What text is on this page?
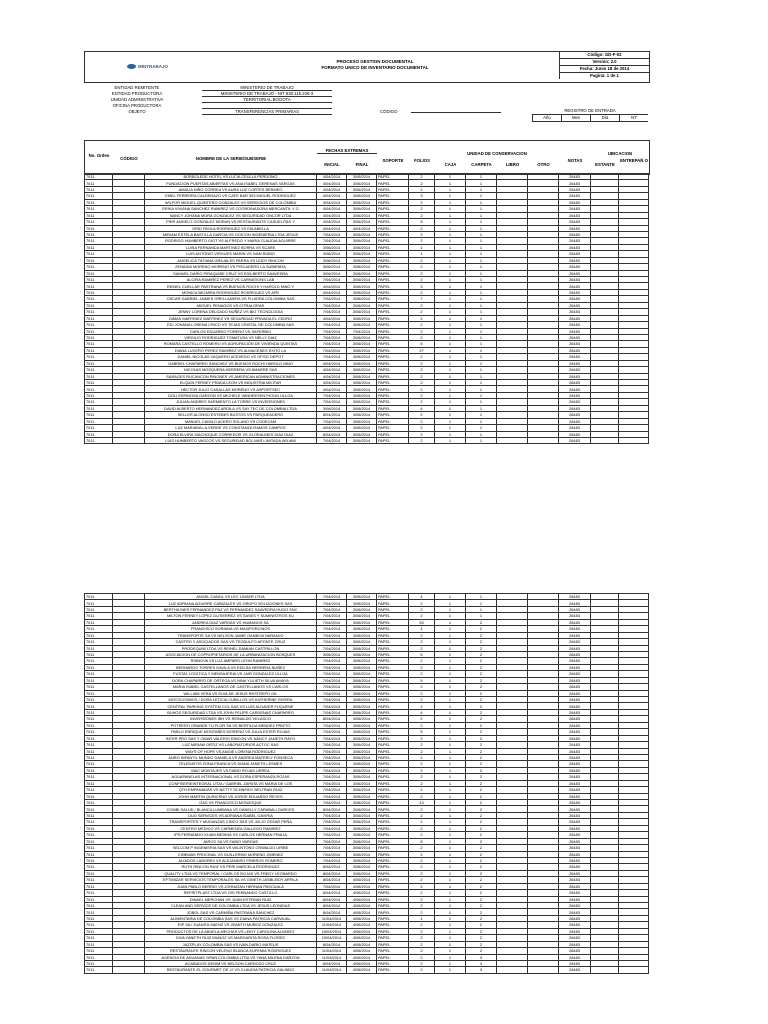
MINTRABAJO
PROCESO GESTION DOCUMENTAL
FORMATO UNICO DE INVENTARIO DOCUMENTAL
Código: GD-F-02
Versión: 2.0
Fecha: Junio 18 de 2014
Pagina: 1 de 1
ENTIDAD REMITENTE
ENTIDAD PRODUCTORA
MINISTERIO DE TRABAJO
UNIDAD ADMINISTRATIVA
MINISTERIO DE TRABAJO - NIT 830.115.226-3
OFICINA PRODUCTORA
TERRITORIAL BOGOTA
OBJETO	TRANSFERENCIAS PRIMARIAS	CÓDIGO	REGISTRO DE ENTRADA
Año	Mes	Día	NT
No. Orden
CÓDIGO	NOMBRE DE LA SERIE/SUBSERIE
FECHAS EXTREMAS
INICIAL	FINAL
SOPORTE	FOLIOS
UNIDAD DE CONSERVACION
CAJA	CARPETA	LIBRO	OTRO
NOTAS
UBICACION
ESTANTE
ENTREPAÑ O
7011		BORBOLEDE HOTEL VS LUCIA CEULLA PERDOMO	4/04/2014	3/06/2014	PAPEL	2	1	1			26483		
7011		FUNDACION PUERTAS ABIERTAS VS ANA ISABEL GERENAS VARGAS	4/04/2014	3/06/2014	PAPEL	2	1	1			26483		
7011		AMALIA NIÑO CORREA VS AURA LUZ CORTES BERMEO	4/04/2014	3/06/2014	PAPEL	2	1	1			26483		
7011		EMEL FERREIRA CALDERAZO VS CAFE BAR 303 MIGUEL RODRIGUEZ	4/04/2014	3/06/2014	PAPEL	3	1	1			26483		
7011		WILFOR MIGUEL QUINTERO GONZALEZ VS SERVICIOS DE COLOMBIA	4/04/2014	3/06/2014	PAPEL	2	1	1			26483		
7011		ERIKA VIVIANA SANCHEZ RAMIREZ VS COORDINADORA MERCANTIL Y O	4/04/2014	3/06/2014	PAPEL	2	1	1			26483		
7011		NANCY JOHANA MORA GONZALEZ VS SEGURIDAD ONCOR LTDA	4/04/2014	3/06/2014	PAPEL	2	1	1			26483		
7011		PIER ANGELO GONZALEZ MORAN VS RESTAURANTE CASUELITAS Y	4/04/2014	3/06/2014	PAPEL	5	1	1			26483		
7011		GRID PAOLA RODRIGUEZ VS FALABELLA	4/04/2014	4/04/2014	PAPEL	2	1	1			26483		
7011		MIRIAM ESTELA BASTILLA GARCIA VS GOICON INGENIERIA LTDA JESUS	7/04/2014	3/06/2014	PAPEL	2	1	1			26483		
7011		RODRIGO HUMBERTO GIOT VS ALFREDO Y MARIA CLAUDIA AGUIRRE	7/04/2014	3/06/2014	PAPEL	2	1	1			26483		
7011		LUISA FERNANDA MARTINEZ BORRA VS SCARE	3/06/2014	3/06/2014	PAPEL	1	1	1			26483		
7011		LUIS ANTONIO VIRGUES MARIN VS IVAN RUBIO	3/06/2014	3/06/2014	PAPEL	1	1	1			26483		
7011		ANGELICA TATIANA GRAJALES PARRA VS LEIDY RINCON	3/06/2014	3/06/2014	PAPEL	2	1	1			26483		
7011		ZENAIDA MORENO MORENO VS PISCADERO LA SUBIENDA	3/06/2014	3/06/2014	PAPEL	2	1	1			26483		
7011		SAMUEL DARIO PIRAQUIBE CRUZ VS EDILBERTO SAAVEDRA	3/06/2014	3/06/2014	PAPEL	2	1	1			26483		
7011		ALCIRA RAMIREZ PEREZ VS CARNATIONS LAB	7/04/2014	3/06/2014	PAPEL	2	1	1			26483		
7011		REINEL CUELLAR PASTRANA VS BUENOS ROCHI Y HAROLD NINO Y	4/04/2014	3/06/2014	PAPEL	3	1	1			26483		
7011		MONICA BELMIRA RODRIGUEZ RODRIGUEZ VS APE	4/04/2014	3/06/2014	PAPEL	2	1	1			26483		
7011		OSCAR GABRIEL JAIMES ORELLANERA VS FLUIDRA COLOMBIA SAS	7/04/2014	3/06/2014	PAPEL	7	1	1			26483		
7011		MIGUEL PENAGOS VS CITRALORAS	7/04/2014	3/06/2014	PAPEL	2	1	1			26483		
7011		JENNY LORENA DELGADO NUÑEZ VS BIO TECNOLOGIA	7/04/2014	3/06/2014	PAPEL	2	1	1			26483		
7011		DIMAS MARTINEZ MARTINEZ VS SEGURIDAD PRIVADA EL CEDRO	4/04/2014	3/06/2014	PAPEL	2	1	1			26483		
7011		EDI JOHANA LORENA CRICO VS TEJAS CRISTAL DE COLOMBIA SAS	7/04/2014	3/06/2014	PAPEL	2	1	1			26483		
7011		CARLOS EDUARDO FORERO VS SAFERBIO	7/04/2014	7/04/2014	PAPEL	2	1	1			26483		
7011		VIRGILIO RODRIGUEZ TOMATUSA VS NELLY DIAZ	7/04/2014	3/06/2014	PAPEL	2	1	1			26483		
7011		ROMARA CASTELLO ROMERO VS AGRUPACION DE VIVIENDA QUINTAS	7/04/2014	3/06/2014	PAPEL	5	1	1			26483		
7011		DIANA LUCERO PEREZ RAMIREZ VS ALMACENES EXITO LA	7/04/2014	3/06/2014	PAPEL	27	1	1			26483		
7011		DANIEL NICOLAS VAQUERO ACEVEDO VS OFICE DEPOT	7/04/2014	3/06/2014	PAPEL	2	1	1			26483		
7011		GABRIEL CHAPARRO SANCHEZ VS BUENOS ROCHI HAROLD NINO	4/04/2014	3/06/2014	PAPEL	2	1	1			26483		
7011		NICOLAS MOSQUERA HERRERA VS AMARRE SAS	4/04/2014	3/06/2014	PAPEL	2	1	1			26483		
7011		SARAGES RUCANCON PINONES VS AMERICAN ADMINISTRACIONES	4/04/2014	3/06/2014	PAPEL	2	1	1			26483		
7011		ELQUIN FERNEY PRADA LEON VS INDUSTRIA MILITAR	4/04/2014	3/06/2014	PAPEL	2	1	1			26483		
7011		HECTOR JULIO CASALLAS MORENO VS ASPORTSEC	4/04/2014	3/06/2014	PAPEL	2	1	1			26483		
7011		DOLI ESPINOSA GARZON VS MICHELE VANHEESENTHOUN ULLOA	7/04/2014	3/06/2014	PAPEL	2	1	1			26483		
7011		JULIAN ANDRES SARMIENTO LA TORRE VS INVERSIONES	7/04/2014	3/06/2014	PAPEL	2	1	1			26483		
7011		DAVID ALBERTO HERNANDEZ ARDILA VS SAY TEC DE COLOMBIA LTDA	3/06/2014	3/06/2014	PAPEL	4	1	1			26483		
7011		SELLER ALONSO ESTEBES BUSTOS VS PARQUEADERO	8/04/2014	3/06/2014	PAPEL	2	1	1			26483		
7011		MANUEL CAMILO ACERO SOLANO VS CODECAM	7/04/2014	3/06/2014	PAPEL	2	1	1			26483		
7011		LUZ MARIANA LA VERDE VS CONSTANZA RAMOS CAMPOS	4/04/2014	3/06/2014	PAPEL	2	1	1			26483		
7011		DORA ELVIRA SIACHOQUE CORREDOR VS GLORIA INES DIAZ DIAZ	8/04/2014	3/06/2014	PAPEL	2	1	1			26483		
7011		LUIS HUMBERTO VASCOS VS SEGURIDAD BOLIVAR LIMITADA WILIAM	7/04/2014	3/06/2014	PAPEL	2	1	1			26483		
7011		ANGEL CANOL VS LEC LINSER LTDA	7/04/2014	3/06/2014	PAPEL	4	1	1			26483		
7011		LUZ ADRIANA AGUIRRE CAÑIZALES VS GRUPO SOLUCIONES SAS	7/04/2014	3/06/2014	PAPEL	2	1	1			26483		
7011		BERTHA INES FERNANDEZ PAZ VS FERNANDEZ SAAVEDRA HUGO SNC	7/04/2014	3/06/2014	PAPEL	2	1	1			26483		
7011		MILTON FERNEY LOPEZ GUTIERREZ VS SASES Y SUMINISTROS EU	7/04/2014	3/06/2014	PAPEL	2	1	1			26483		
7011		ANDREA DIAZ VARGAS VS HUMANOS SA	7/04/2014	3/06/2014	PAPEL	53	1	2			26483		
7011		FRANCISCO SORIANA VS MAXIPORCINOS	7/04/2014	3/06/2014	PAPEL	4	1	2			26483		
7011		TRANSPORTE SA VS NELSON JAIME GAMBOA NARANJO	7/04/2014	3/06/2014	PAPEL	2	1	2			26483		
7011		CASTRO Y ASOCIADOS SAS VS TEODULFO APONTE CRUZ	7/04/2014	3/06/2014	PAPEL	2	1	2			26483		
7011		PRODEQUIM LTDA VS REINEL DAMIAN CASTRILLON	7/04/2014	3/06/2014	PAPEL	2	1	2			26483		
7011		ASOCIACION DE COPROPIETARIOS DE LA URBANIZACION BOSQUES	3/06/2014	3/06/2014	PAPEL	5	1	2			26483		
7011		RINNOVA VS LUZ AMPARO LEON RAMIREZ	7/04/2014	3/06/2014	PAPEL	2	1	2			26483		
7011		BERNARDO TORRES DAVILA VS EDILSA HERRERA NUÑEZ	7/04/2014	3/06/2014	PAPEL	2	1	2			26483		
7011		FUSTAL LOGITICA Y MENSAJERIA VS JAIR GONZALEZ ULLOA	7/04/2014	3/06/2014	PAPEL	2	1	2			26483		
7011		DORA CHAPARRO DE ORTEGA VS NINA YULIETH SILVA AMAYA	7/04/2014	3/06/2014	PAPEL	5	1	2			26483		
7011		MARIA ISABEL CASTELLANOS DE CASTELLANOS VS CARLOS	7/04/2014	3/06/2014	PAPEL	2	1	2			26483		
7011		WILLIAM VERA VS ELVA DE JESUS RESTREPO GIL	7/04/2014	3/06/2014	PAPEL	2	1	2			26483		
7011		MOTOCOSMOS / DORA LETICIA CUBILLOS VS KATHERINE RIVERA	7/04/2014	3/06/2014	PAPEL	2	1	2			26483		
7011		CENTRAL PARKING SYSTEM COL SAS VS LUIS ALDAVER FUQUENE	7/04/2014	3/06/2014	PAPEL	2	1	2			26483		
7011		BUHOS SEGURIDAD LTDA VS JOHN FELIPE CARDENAS CHAPARRO	7/04/2014	3/06/2014	PAPEL	4	1	2			26483		
7011		INVERSIONES IBH VS REINALDO VELASCO	8/04/2014	3/06/2014	PAPEL	2	1	2			26483		
7011		POTRERO GRANDE TU FLOR SA VS BERTILDA MENDEZ PRIETO	7/04/2014	3/06/2014	PAPEL	2	1	2			26483		
7011		PABLO ENRIQUE MONTAÑES MORENO VS JULIA ESTER ROJAS	7/04/2014	3/06/2014	PAPEL	5	1	2			26483		
7011		INTER PRO SAS Y OMAR VALERIO RINCON VS NANCY JANETH RAYO	7/04/2014	3/06/2014	PAPEL	2	1	2			26483		
7011		LUZ MIRIAM ORTIZ VS LABORATORIOS ACTOC SAS	7/04/2014	3/06/2014	PAPEL	2	1	2			26483		
7011		WAYS OF HOPE VS ANGIE LORENA RODRIGUEZ	7/04/2014	3/06/2014	PAPEL	2	1	2			26483		
7011		JAIRO INFANTIL MUNDO DANIELA VS ANDREA MATERLY FONSECA	7/04/2014	3/06/2014	PAPEL	2	1	2			26483		
7011		TELEDATOS ZONA FRANCA VS DIANA JANETH LESMES	7/04/2014	3/06/2014	PAPEL	2	1	2			26483		
7011		MAC MONTAJES VS FABIO ROJAS URREA	7/04/2014	3/06/2014	PAPEL	2	1	2			26483		
7011		AGUAPANELAS INTERNACIONAL VS DORA ESPERANZA ROJAS	7/04/2014	3/06/2014	PAPEL	2	1	2			26483		
7011		CONFISERIEINTEGRAL LTDA / GABRIEL ZAPATA VS MARIA DE LOS	7/04/2014	3/06/2014	PAPEL	2	1	2			26483		
7011		QTH EMPANADAS VS NETTY SCHNEIDY BELTRAN RUIZ	7/04/2014	3/06/2014	PAPEL	2	1	2			26483		
7011		JOHN MARTIN QUINCENO VS JORGE EDUARDO REYES	7/04/2014	3/06/2014	PAPEL	2	1	2			26483		
7011		GAS VS FRANCISCO MONZOQUE	7/04/2014	3/06/2014	PAPEL	13	1	2			26483		
7011		COMBI SALUD / BLANCA LUMBANA VS DANELLY CARABALI GARCES	8/04/2014	3/06/2014	PAPEL	2	1	2			26483		
7011		DUO SERVICES VS ADRIANA ISABEL GAVIRIA	7/04/2014	3/06/2014	PAPEL	2	1	2			26483		
7011		TRANSPORTES Y MUDANZAS CINCO SAS VS JULIO CESAR PEÑA	7/04/2014	3/06/2014	PAPEL	2	1	2			26483		
7011		CENTRO MEDICO VS CARMENZA GALLEGO RAMIREZ	7/04/2014	3/06/2014	PAPEL	2	1	2			26483		
7011		IPS FERNANDO KUAM MEDINA VS CARLOS HERNAN FRAIJA	7/04/2014	3/06/2014	PAPEL	2	1	2			26483		
7011		JARCO SA VS FABIO VARGAS	7/04/2014	3/06/2014	PAPEL	5	1	2			26483		
7011		SELCOM P INGENIERIA SAS VS WILINTONG OSWALDO URIBE	7/04/2014	3/06/2014	PAPEL	2	1	2			26483		
7011		CINEMAS PROCINAL VS GUILLERMO MORENO JIMENEZ	7/04/2014	3/06/2014	PAPEL	2	1	2			26483		
7011		ALIADOS LABORES VS ALEJANDRO PINEROS ROMERO	7/04/2014	3/06/2014	PAPEL	2	1	2			26483		
7011		RUTH RINCON RUIZ VS PERI MARCELA RODRIGUEZ	8/04/2014	3/06/2014	PAPEL	2	1	2			26483		
7011		QUALITY LTDA VS TEMPORAL / CARLOS ROJAS VS FREDY LEONARDO	8/04/2014	3/06/2014	PAPEL	2	1	2			26483		
7011		EFTIMIZAR SERVICIOS TEMPORALES SA VS GINETH JASBLEIDY ARFILA	8/04/2014	4/06/2014	PAPEL	2	1	2			26483		
7011		JUAN PABLO BERRIO VS JOHNATAN HERNAN PASCUALA	7/04/2014	4/06/2014	PAPEL	2	1	2			26483		
7011		REFRITPLAST LTDA VS OSI FERNANDO CASTILLO	8/04/2014	4/06/2014	PAPEL	2	1	2			26483		
7011		DINAEL MERCHAN VS JUAN ESTEBAN RUIZ	8/04/2014	4/06/2014	PAPEL	2	1	2			26483		
7011		CLEAN AND SERVICE DE COLOMBIA LTDA VS JESUS LEONIDAS	8/04/2014	4/06/2014	PAPEL	2	1	2			26483		
7011		JOBOL SAS VS CARMIÑA PASTRANA SANCHEZ	8/04/2014	4/06/2014	PAPEL	2	1	2			26483		
7011		ALIMENTARIA DE COLOMBIA SAS VS DIANA PATRICIA CARVAJAL	11/04/2014	4/06/2014	PAPEL	1	1	2			26483		
7011		EIP SA / JUANITA SAENZ VS JEANTH MUÑOZ GONZALEZ	11/04/2014	4/06/2014	PAPEL	2	1	2			26483		
7011		PRODUCTOS DE LA ABUELA MECHAS VS LEIDY CAROLINA ALVAREZ	15/04/2014	4/06/2014	PAPEL	2	1	2			26483		
7011		DIVA YANETH RUIZ MUNOZ VS MARGARITA ROSA FLOREZ	15/04/2014	4/06/2014	PAPEL	2	1	2			26483		
7011		JAZZPLAY COLOMBIA SAS VS IVAN DARIO MATEUS	8/04/2014	4/06/2014	PAPEL	2	1	2			26483		
7011		RESTAURANTE RINCON VELENO BLANCA EUFEMIA RODRIGUEZ	11/04/2014	4/06/2014	PAPEL	2	1	2			26483		
7011		AGENCIA DE ADUANAS GRAN COLOMBIA LTDA VS YANA MILENA GARZON	11/04/2014	4/06/2014	PAPEL	2	1	3			26483		
7011		ACABADOS DENIM VS NELSON CARDOZO CRUZ	8/04/2014	4/06/2014	PAPEL	2	1	3			26483		
7011		RESTAURANTE EL GOURMET DE JJ VS CLAUDIA PATRICIA GALINDO	11/04/2014	4/06/2014	PAPEL	2	1	3			26483		
